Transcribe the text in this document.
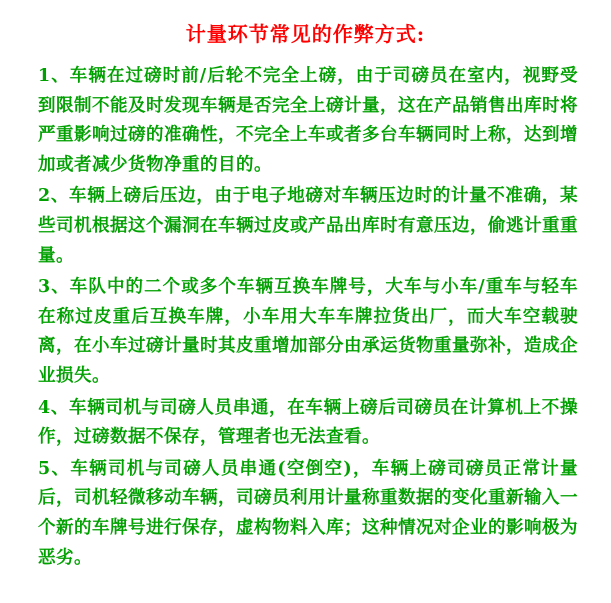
计量环节常见的作弊方式:

1、车辆在过磅时前/后轮不完全上磅，由于司磅员在室内，视野受到限制不能及时发现车辆是否完全上磅计量，这在产品销售出库时将严重影响过磅的准确性，不完全上车或者多台车辆同时上称，达到增加或者减少货物净重的目的。

2、车辆上磅后压边，由于电子地磅对车辆压边时的计量不准确，某些司机根据这个漏洞在车辆过皮或产品出库时有意压边，偷逃计重重量。

3、车队中的二个或多个车辆互换车牌号，大车与小车/重车与轻车在称过皮重后互换车牌，小车用大车车牌拉货出厂，而大车空载驶离，在小车过磅计量时其皮重增加部分由承运货物重量弥补，造成企业损失。

4、车辆司机与司磅人员串通，在车辆上磅后司磅员在计算机上不操作，过磅数据不保存，管理者也无法查看。

5、车辆司机与司磅人员串通(空倒空)，车辆上磅司磅员正常计量后，司机轻微移动车辆，司磅员利用计量称重数据的变化重新输入一个新的车牌号进行保存，虚构物料入库；这种情况对企业的影响极为恶劣。
